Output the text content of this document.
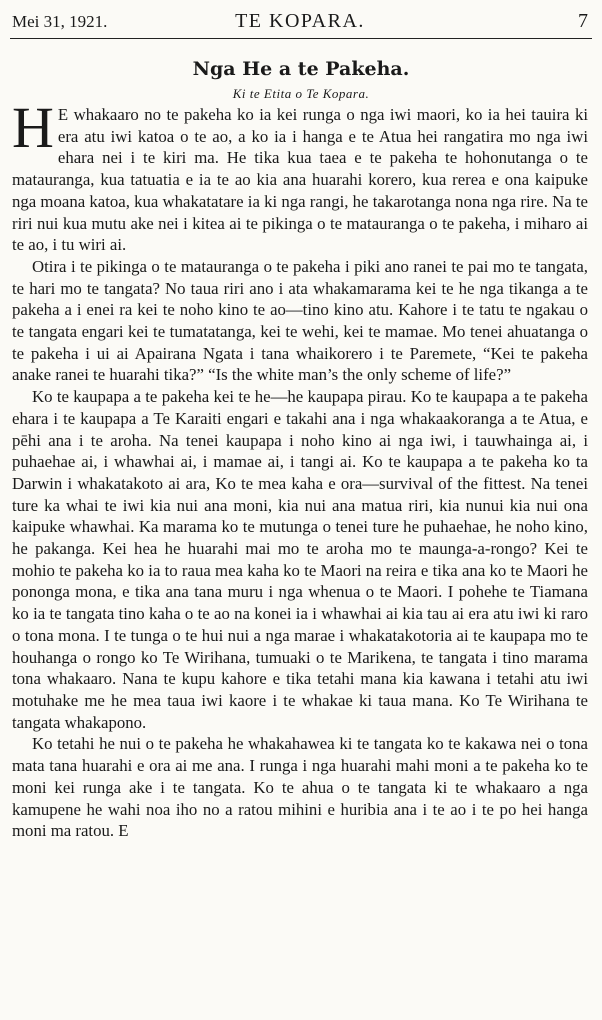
Mei 31, 1921.	TE KOPARA.	7
Nga He a te Pakeha.
Ki te Etita o Te Kopara.

H E whakaaro no te pakeha ko ia kei runga o nga iwi maori, ko ia hei tauira ki era atu iwi katoa o te ao, a ko ia i hanga e te Atua hei rangatira mo nga iwi ehara nei i te kiri ma. He tika kua taea e te pakeha te hohonutanga o te matauranga, kua tatuatia e ia te ao kia ana huarahi korero, kua rerea e ona kaipuke nga moana katoa, kua whakatatare ia ki nga rangi, he takarotanga nona nga rire. Na te riri nui kua mutu ake nei i kitea ai te pikinga o te matauranga o te pakeha, i miharo ai te ao, i tu wiri ai.

Otira i te pikinga o te matauranga o te pakeha i piki ano ranei te pai mo te tangata, te hari mo te tangata? No taua riri ano i ata whakamarama kei te he nga tikanga a te pakeha a i enei ra kei te noho kino te ao—tino kino atu. Kahore i te tatu te ngakau o te tangata engari kei te tumatatanga, kei te wehi, kei te mamae. Mo tenei ahuatanga o te pakeha i ui ai Apairana Ngata i tana whaikorero i te Paremete, “Kei te pakeha anake ranei te huarahi tika?” “Is the white man’s the only scheme of life?”

Ko te kaupapa a te pakeha kei te he—he kaupapa pirau. Ko te kaupapa a te pakeha ehara i te kaupapa a Te Karaiti engari e takahi ana i nga whakaakoranga a te Atua, e pēhi ana i te aroha. Na tenei kaupapa i noho kino ai nga iwi, i tauwhainga ai, i puhaehae ai, i whawhai ai, i mamae ai, i tangi ai. Ko te kaupapa a te pakeha ko ta Darwin i whakatakoto ai ara, Ko te mea kaha e ora—survival of the fittest. Na tenei ture ka whai te iwi kia nui ana moni, kia nui ana matua riri, kia nunui kia nui ona kaipuke whawhai. Ka marama ko te mutunga o tenei ture he puhaehae, he noho kino, he pakanga. Kei hea he huarahi mai mo te aroha mo te maunga-a-rongo? Kei te mohio te pakeha ko ia to raua mea kaha ko te Maori na reira e tika ana ko te Maori he pononga mona, e tika ana tana muru i nga whenua o te Maori. I pohehe te Tiamana ko ia te tangata tino kaha o te ao na konei ia i whawhai ai kia tau ai era atu iwi ki raro o tona mona. I te tunga o te hui nui a nga marae i whakatakotoria ai te kaupapa mo te houhanga o rongo ko Te Wirihana, tumuaki o te Marikena, te tangata i tino marama tona whakaaro. Nana te kupu kahore e tika tetahi mana kia kawana i tetahi atu iwi motuhake me he mea taua iwi kaore i te whakae ki taua mana. Ko Te Wirihana te tangata whakapono.

Ko tetahi he nui o te pakeha he whakahawea ki te tangata ko te kakawa nei o tona mata tana huarahi e ora ai me ana. I runga i nga huarahi mahi moni a te pakeha ko te moni kei runga ake i te tangata. Ko te ahua o te tangata ki te whakaaro a nga kamupene he wahi noa iho no a ratou mihini e huribia ana i te ao i te po hei hanga moni ma ratou. E
